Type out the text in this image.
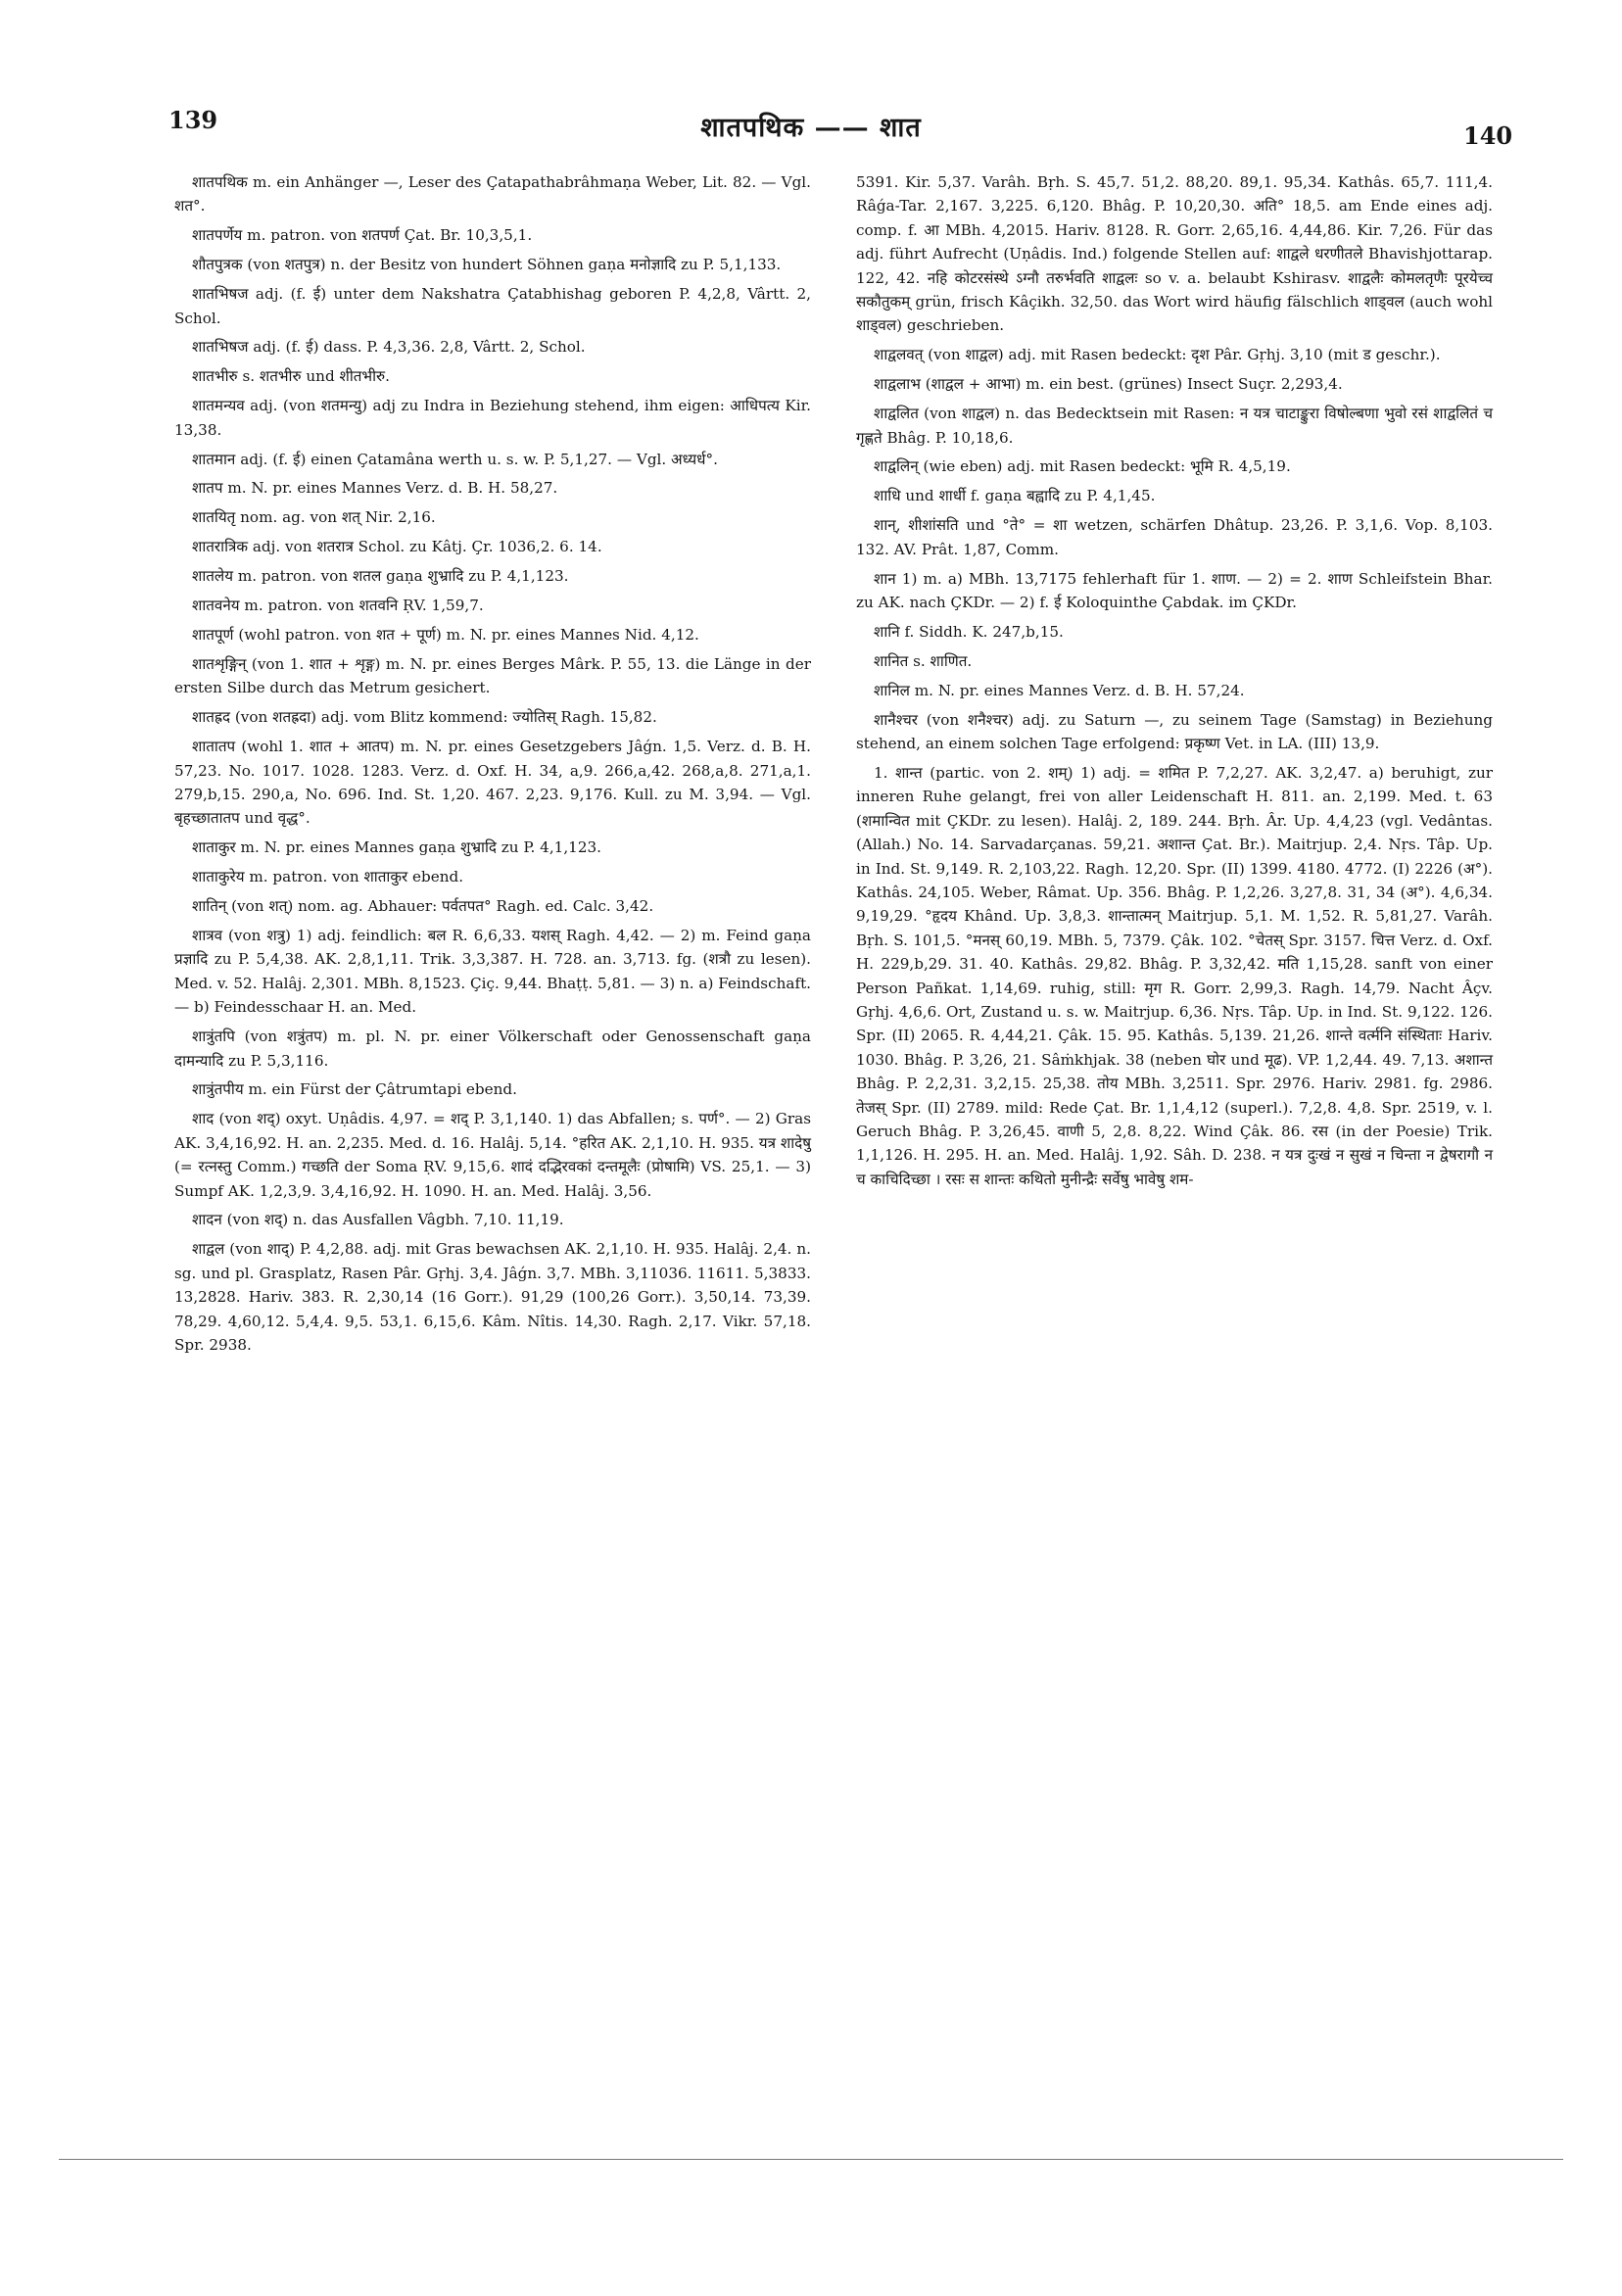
139	शातपथिक —— शात	140

शातपथिक m. ein Anhänger —, Leser des Çatapathabrâhmaṇa Weber, Lit. 82. — Vgl. शत°.

शातपर्णेय m. patron. von शतपर्ण Çat. Br. 10,3,5,1.

शौतपुत्रक (von शतपुत्र) n. der Besitz von hundert Söhnen gaṇa मनोज्ञादि zu P. 5,1,133.

शातभिषज adj. (f. ई) unter dem Nakshatra Çatabhishag geboren P. 4,2,8, Vârtt. 2, Schol.

शातभिषज adj. (f. ई) dass. P. 4,3,36. 2,8, Vârtt. 2, Schol.

शातभीरु s. शतभीरु und शीतभीरु.

शातमन्यव adj. (von शतमन्यु) adj zu Indra in Beziehung stehend, ihm eigen: आधिपत्य Kir. 13,38.

शातमान adj. (f. ई) einen Çatamâna werth u. s. w. P. 5,1,27. — Vgl. अध्यर्ध°.

शातप m. N. pr. eines Mannes Verz. d. B. H. 58,27.

शातयितृ nom. ag. von शत् Nir. 2,16.

शातरात्रिक adj. von शतरात्र Schol. zu Kâtj. Çr. 1036,2. 6. 14.

शातलेय m. patron. von शतल gaṇa शुभ्रादि zu P. 4,1,123.

शातवनेय m. patron. von शतवनि ṚV. 1,59,7.

शातपूर्ण (wohl patron. von शत + पूर्ण) m. N. pr. eines Mannes Nid. 4,12.

शातशृङ्गिन् (von 1. शात + शृङ्ग) m. N. pr. eines Berges Mârk. P. 55, 13. die Länge in der ersten Silbe durch das Metrum gesichert.

शातह्रद (von शतह्रदा) adj. vom Blitz kommend: ज्योतिस् Ragh. 15,82.

शातातप (wohl 1. शात + आतप) m. N. pr. eines Gesetzgebers Jâǵn. 1,5. Verz. d. B. H. 57,23. No. 1017. 1028. 1283. Verz. d. Oxf. H. 34, a,9. 266,a,42. 268,a,8. 271,a,1. 279,b,15. 290,a, No. 696. Ind. St. 1,20. 467. 2,23. 9,176. Kull. zu M. 3,94. — Vgl. बृहच्छातातप und वृद्ध°.

शाताकुर m. N. pr. eines Mannes gaṇa शुभ्रादि zu P. 4,1,123.

शाताकुरेय m. patron. von शाताकुर ebend.

शातिन् (von शत्) nom. ag. Abhauer: पर्वतपत° Ragh. ed. Calc. 3,42.

शात्रव (von शत्रु) 1) adj. feindlich: बल R. 6,6,33. यशस् Ragh. 4,42. — 2) m. Feind gaṇa प्रज्ञादि zu P. 5,4,38. AK. 2,8,1,11. Trik. 3,3,387. H. 728. an. 3,713. fg. (शत्रौ zu lesen). Med. v. 52. Halâj. 2,301. MBh. 8,1523. Çiç. 9,44. Bhaṭṭ. 5,81. — 3) n. a) Feindschaft. — b) Feindesschaar H. an. Med.

शात्रुंतपि (von शत्रुंतप) m. pl. N. pr. einer Völkerschaft oder Genossenschaft gaṇa दामन्यादि zu P. 5,3,116.

शात्रुंतपीय m. ein Fürst der Çâtrumtapi ebend.

शाद (von शद्) oxyt. Uṇâdis. 4,97. = शद् P. 3,1,140. 1) das Abfallen; s. पर्ण°. — 2) Gras AK. 3,4,16,92. H. an. 2,235. Med. d. 16. Halâj. 5,14. °हरित AK. 2,1,10. H. 935. यत्र शादेषु (= रत्नस्तु Comm.) गच्छति der Soma ṚV. 9,15,6. शादं दद्भिरवकां दन्तमूलैः (प्रोषामि) VS. 25,1. — 3) Sumpf AK. 1,2,3,9. 3,4,16,92. H. 1090. H. an. Med. Halâj. 3,56.

शादन (von शद्) n. das Ausfallen Vâgbh. 7,10. 11,19.

शाद्वल (von शाद्) P. 4,2,88. adj. mit Gras bewachsen AK. 2,1,10. H. 935. Halâj. 2,4. n. sg. und pl. Grasplatz, Rasen Pâr. Gṛhj. 3,4. Jâǵn. 3,7. MBh. 3,11036. 11611. 5,3833. 13,2828. Hariv. 383. R. 2,30,14 (16 Gorr.). 91,29 (100,26 Gorr.). 3,50,14. 73,39. 78,29. 4,60,12. 5,4,4. 9,5. 53,1. 6,15,6. Kâm. Nîtis. 14,30. Ragh. 2,17. Vikr. 57,18. Spr. 2938.

5391. Kir. 5,37. Varâh. Bṛh. S. 45,7. 51,2. 88,20. 89,1. 95,34. Kathâs. 65,7. 111,4. Râǵa-Tar. 2,167. 3,225. 6,120. Bhâg. P. 10,20,30. अति° 18,5. am Ende eines adj. comp. f. आ MBh. 4,2015. Hariv. 8128. R. Gorr. 2,65,16. 4,44,86. Kir. 7,26. Für das adj. führt Aufrecht (Uṇâdis. Ind.) folgende Stellen auf: शाद्वले धरणीतले Bhavishjottarap. 122, 42. नहि कोटरसंस्थे ऽग्नौ तरुर्भवति शाद्वलः so v. a. belaubt Kshirasv. शाद्वलैः कोमलतृणैः पूरयेच्च सकौतुकम् grün, frisch Kâçikh. 32,50. das Wort wird häufig fälschlich शाड्वल (auch wohl शाड्वल) geschrieben.

शाद्वलवत् (von शाद्वल) adj. mit Rasen bedeckt: दृश Pâr. Gṛhj. 3,10 (mit ड geschr.).

शाद्वलाभ (शाद्वल + आभा) m. ein best. (grünes) Insect Suçr. 2,293,4.

शाद्वलित (von शाद्वल) n. das Bedecktsein mit Rasen: न यत्र चाटाङ्कुरा विषोल्बणा भुवो रसं शाद्वलितं च गृह्णते Bhâg. P. 10,18,6.

शाद्वलिन् (wie eben) adj. mit Rasen bedeckt: भूमि R. 4,5,19.

शाधि und शार्धी f. gaṇa बह्वादि zu P. 4,1,45.

शान्, शीशांसति und °ते° = शा wetzen, schärfen Dhâtup. 23,26. P. 3,1,6. Vop. 8,103. 132. AV. Prât. 1,87, Comm.

शान 1) m. a) MBh. 13,7175 fehlerhaft für 1. शाण. — 2) = 2. शाण Schleifstein Bhar. zu AK. nach ÇKDr. — 2) f. ई Koloquinthe Çabdak. im ÇKDr.

शानि f. Siddh. K. 247,b,15.

शानित s. शाणित.

शानिल m. N. pr. eines Mannes Verz. d. B. H. 57,24.

शानैश्चर (von शनैश्चर) adj. zu Saturn —, zu seinem Tage (Samstag) in Beziehung stehend, an einem solchen Tage erfolgend: प्रकृष्ण Vet. in LA. (III) 13,9.

1. शान्त (partic. von 2. शम्) 1) adj. = शमित P. 7,2,27. AK. 3,2,47. a) beruhigt, zur inneren Ruhe gelangt, frei von aller Leidenschaft H. 811. an. 2,199. Med. t. 63 (शमान्वित mit ÇKDr. zu lesen). Halâj. 2, 189. 244. Bṛh. Âr. Up. 4,4,23 (vgl. Vedântas. (Allah.) No. 14. Sarvadarçanas. 59,21. अशान्त Çat. Br.). Maitrjup. 2,4. Nṛs. Tâp. Up. in Ind. St. 9,149. R. 2,103,22. Ragh. 12,20. Spr. (II) 1399. 4180. 4772. (I) 2226 (अ°). Kathâs. 24,105. Weber, Râmat. Up. 356. Bhâg. P. 1,2,26. 3,27,8. 31, 34 (अ°). 4,6,34. 9,19,29. °हृदय Khând. Up. 3,8,3. शान्तात्मन् Maitrjup. 5,1. M. 1,52. R. 5,81,27. Varâh. Bṛh. S. 101,5. °मनस् 60,19. MBh. 5, 7379. Çâk. 102. °चेतस् Spr. 3157. चित्त Verz. d. Oxf. H. 229,b,29. 31. 40. Kathâs. 29,82. Bhâg. P. 3,32,42. मति 1,15,28. sanft von einer Person Pañkat. 1,14,69. ruhig, still: मृग R. Gorr. 2,99,3. Ragh. 14,79. Nacht Âçv. Gṛhj. 4,6,6. Ort, Zustand u. s. w. Maitrjup. 6,36. Nṛs. Tâp. Up. in Ind. St. 9,122. 126. Spr. (II) 2065. R. 4,44,21. Çâk. 15. 95. Kathâs. 5,139. 21,26. शान्ते वर्त्मनि संस्थिताः Hariv. 1030. Bhâg. P. 3,26, 21. Sâṁkhjak. 38 (neben घोर und मूढ). VP. 1,2,44. 49. 7,13. अशान्त Bhâg. P. 2,2,31. 3,2,15. 25,38. तोय MBh. 3,2511. Spr. 2976. Hariv. 2981. fg. 2986. तेजस् Spr. (II) 2789. mild: Rede Çat. Br. 1,1,4,12 (superl.). 7,2,8. 4,8. Spr. 2519, v. l. Geruch Bhâg. P. 3,26,45. वाणी 5, 2,8. 8,22. Wind Çâk. 86. रस (in der Poesie) Trik. 1,1,126. H. 295. H. an. Med. Halâj. 1,92. Sâh. D. 238. न यत्र दुःखं न सुखं न चिन्ता न द्वेषरागौ न च काचिदिच्छा । रसः स शान्तः कथितो मुनीन्द्रैः सर्वेषु भावेषु शम-
